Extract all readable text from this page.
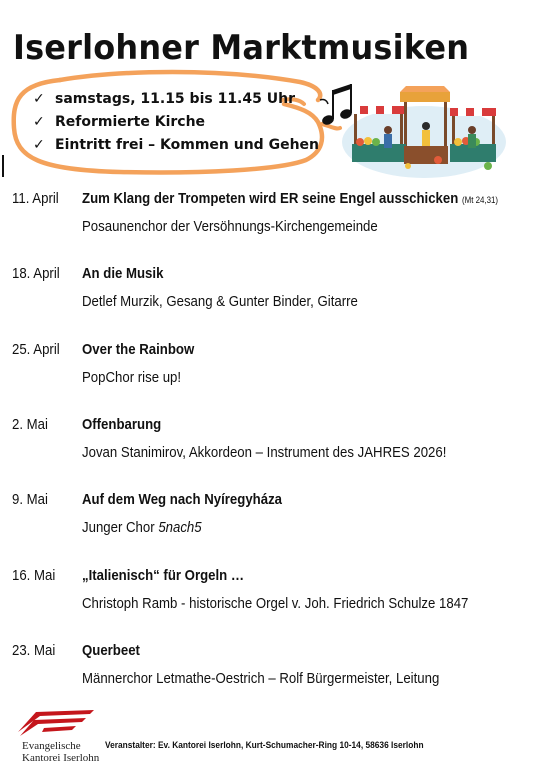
Iserlohner Marktmusiken
✓ samstags, 11.15 bis 11.45 Uhr
✓ Reformierte Kirche
✓ Eintritt frei – Kommen und Gehen
11. April Zum Klang der Trompeten wird ER seine Engel ausschicken (Mt 24,31)
Posaunenchor der Versöhnungs-Kirchengemeinde
18. April An die Musik
Detlef Murzik, Gesang & Gunter Binder, Gitarre
25. April Over the Rainbow
PopChor rise up!
2. Mai Offenbarung
Jovan Stanimirov, Akkordeon – Instrument des JAHRES 2026!
9. Mai Auf dem Weg nach Nyíregyháza
Junger Chor 5nach5
16. Mai „Italienisch“ für Orgeln …
Christoph Ramb - historische Orgel v. Joh. Friedrich Schulze 1847
23. Mai Querbeet
Männerchor Letmathe-Oestrich – Rolf Bürgermeister, Leitung
Evangelische
Kantorei Iserlohn
Veranstalter: Ev. Kantorei Iserlohn, Kurt-Schumacher-Ring 10-14, 58636 Iserlohn
